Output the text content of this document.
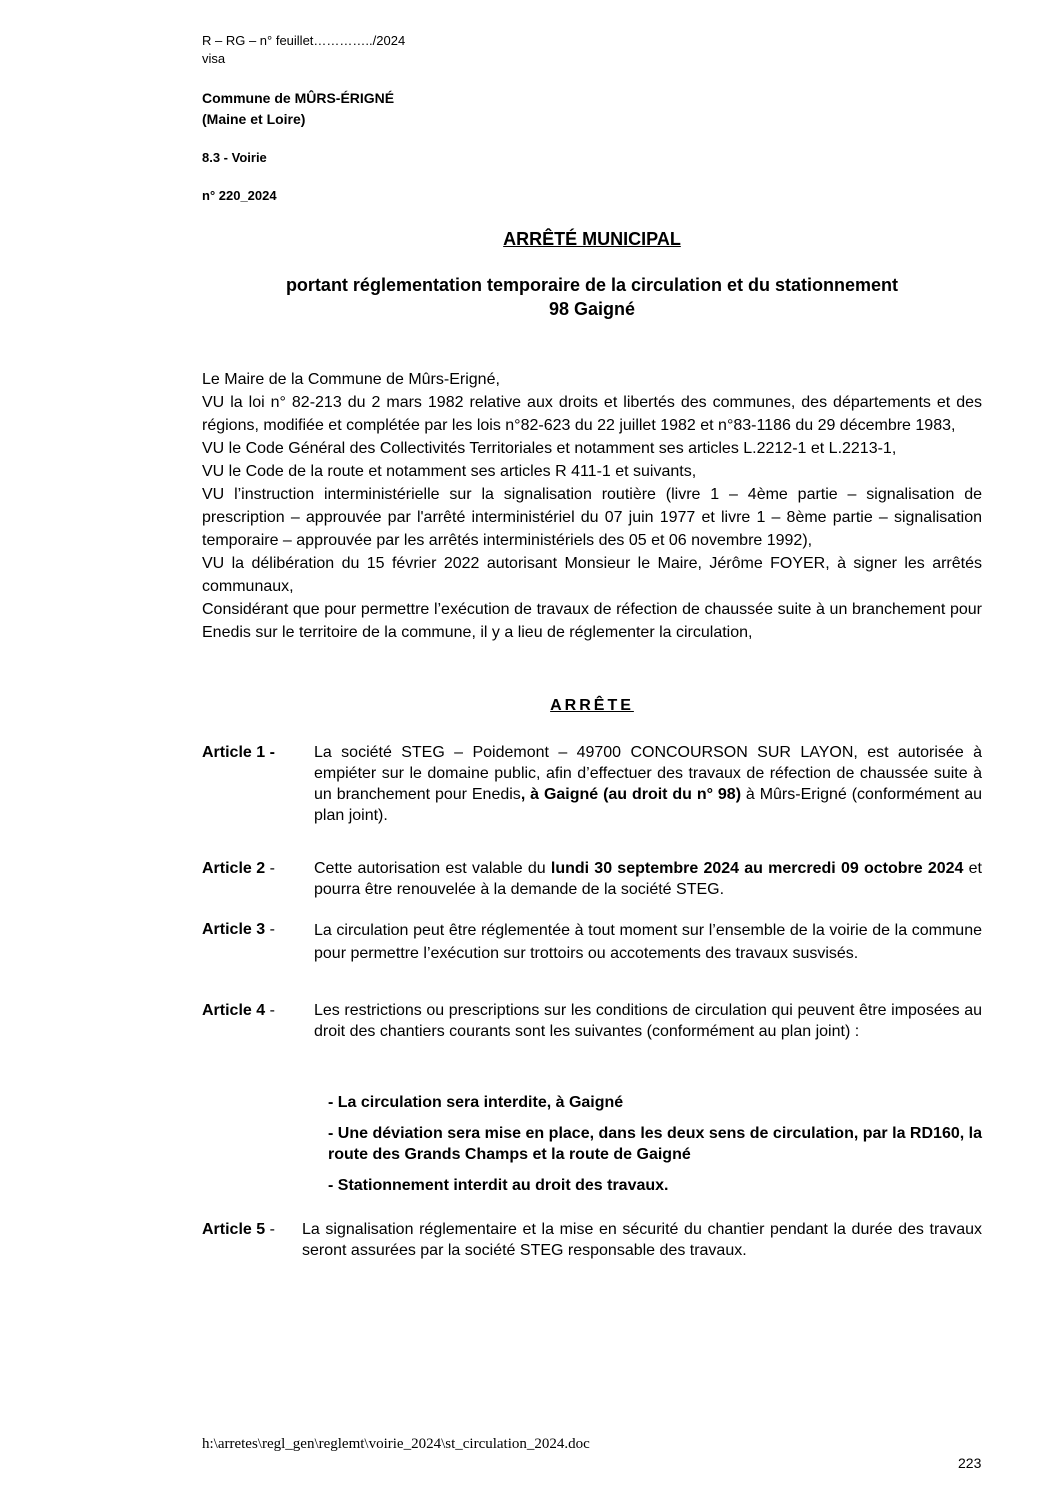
R – RG – n° feuillet…………../2024
visa
Commune de MÛRS-ÉRIGNÉ
(Maine et Loire)
8.3 - Voirie
n° 220_2024
ARRÊTÉ MUNICIPAL
portant réglementation temporaire de la circulation et du stationnement
98 Gaigné

Le Maire de la Commune de Mûrs-Erigné,

VU la loi n° 82-213 du 2 mars 1982 relative aux droits et libertés des communes, des départements et des régions, modifiée et complétée par les lois n°82-623 du 22 juillet 1982 et n°83-1186 du 29 décembre 1983,

VU le Code Général des Collectivités Territoriales et notamment ses articles L.2212-1 et L.2213-1,

VU le Code de la route et notamment ses articles R 411-1 et suivants,

VU l’instruction interministérielle sur la signalisation routière (livre 1 – 4ème partie – signalisation de prescription – approuvée par l'arrêté interministériel du 07 juin 1977 et livre 1 – 8ème partie – signalisation temporaire – approuvée par les arrêtés interministériels des 05 et 06 novembre 1992),

VU la délibération du 15 février 2022 autorisant Monsieur le Maire, Jérôme FOYER, à signer les arrêtés communaux,

Considérant que pour permettre l’exécution de travaux de réfection de chaussée suite à un branchement pour Enedis sur le territoire de la commune, il y a lieu de réglementer la circulation,

ARRÊTE
Article 1 - La société STEG – Poidemont – 49700 CONCOURSON SUR LAYON, est autorisée à empiéter sur le domaine public, afin d’effectuer des travaux de réfection de chaussée suite à un branchement pour Enedis, à Gaigné (au droit du n° 98) à Mûrs-Erigné (conformément au plan joint).

Article 2 - Cette autorisation est valable du lundi 30 septembre 2024 au mercredi 09 octobre 2024 et pourra être renouvelée à la demande de la société STEG.

Article 3 - La circulation peut être réglementée à tout moment sur l’ensemble de la voirie de la commune pour permettre l’exécution sur trottoirs ou accotements des travaux susvisés.

Article 4 - Les restrictions ou prescriptions sur les conditions de circulation qui peuvent être imposées au droit des chantiers courants sont les suivantes (conformément au plan joint) :

- La circulation sera interdite, à Gaigné
- Une déviation sera mise en place, dans les deux sens de circulation, par la RD160, la route des Grands Champs et la route de Gaigné
- Stationnement interdit au droit des travaux.
Article 5 - La signalisation réglementaire et la mise en sécurité du chantier pendant la durée des travaux seront assurées par la société STEG responsable des travaux.

h:\arretes\regl_gen\reglemt\voirie_2024\st_circulation_2024.doc
223
